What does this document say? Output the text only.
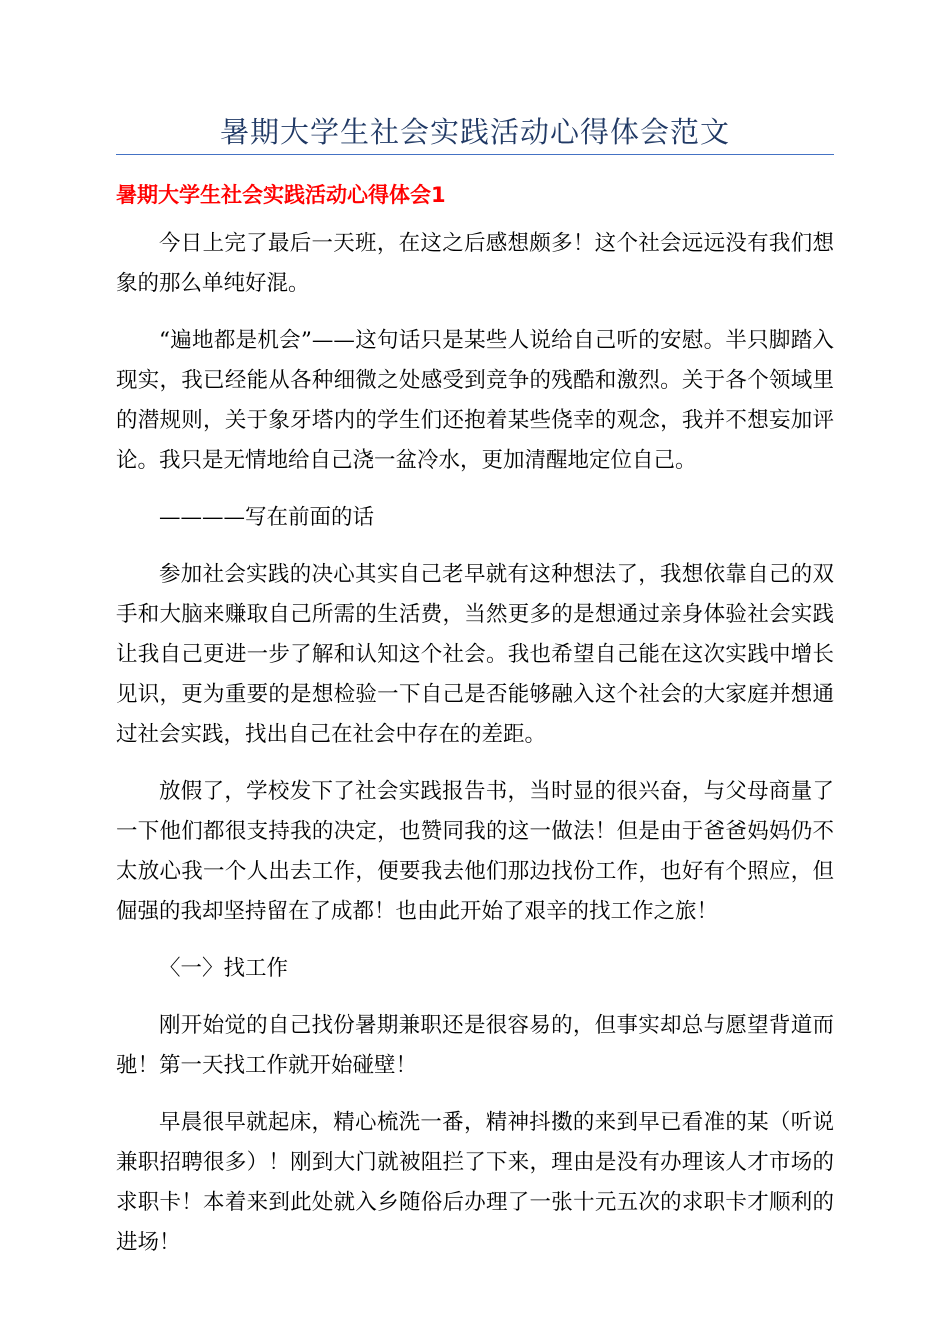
暑期大学生社会实践活动心得体会范文
暑期大学生社会实践活动心得体会1

今日上完了最后一天班，在这之后感想颇多！这个社会远远没有我们想象的那么单纯好混。

“遍地都是机会”——这句话只是某些人说给自己听的安慰。半只脚踏入现实，我已经能从各种细微之处感受到竞争的残酷和激烈。关于各个领域里的潜规则，关于象牙塔内的学生们还抱着某些侥幸的观念，我并不想妄加评论。我只是无情地给自己浇一盆冷水，更加清醒地定位自己。

————写在前面的话

参加社会实践的决心其实自己老早就有这种想法了，我想依靠自己的双手和大脑来赚取自己所需的生活费，当然更多的是想通过亲身体验社会实践让我自己更进一步了解和认知这个社会。我也希望自己能在这次实践中增长见识，更为重要的是想检验一下自己是否能够融入这个社会的大家庭并想通过社会实践，找出自己在社会中存在的差距。

放假了，学校发下了社会实践报告书，当时显的很兴奋，与父母商量了一下他们都很支持我的决定，也赞同我的这一做法！但是由于爸爸妈妈仍不太放心我一个人出去工作，便要我去他们那边找份工作，也好有个照应，但倔强的我却坚持留在了成都！也由此开始了艰辛的找工作之旅！

〈一〉找工作

刚开始觉的自己找份暑期兼职还是很容易的，但事实却总与愿望背道而驰！第一天找工作就开始碰壁！

早晨很早就起床，精心梳洗一番，精神抖擞的来到早已看准的某（听说兼职招聘很多）！刚到大门就被阻拦了下来，理由是没有办理该人才市场的求职卡！本着来到此处就入乡随俗后办理了一张十元五次的求职卡才顺利的进场！
